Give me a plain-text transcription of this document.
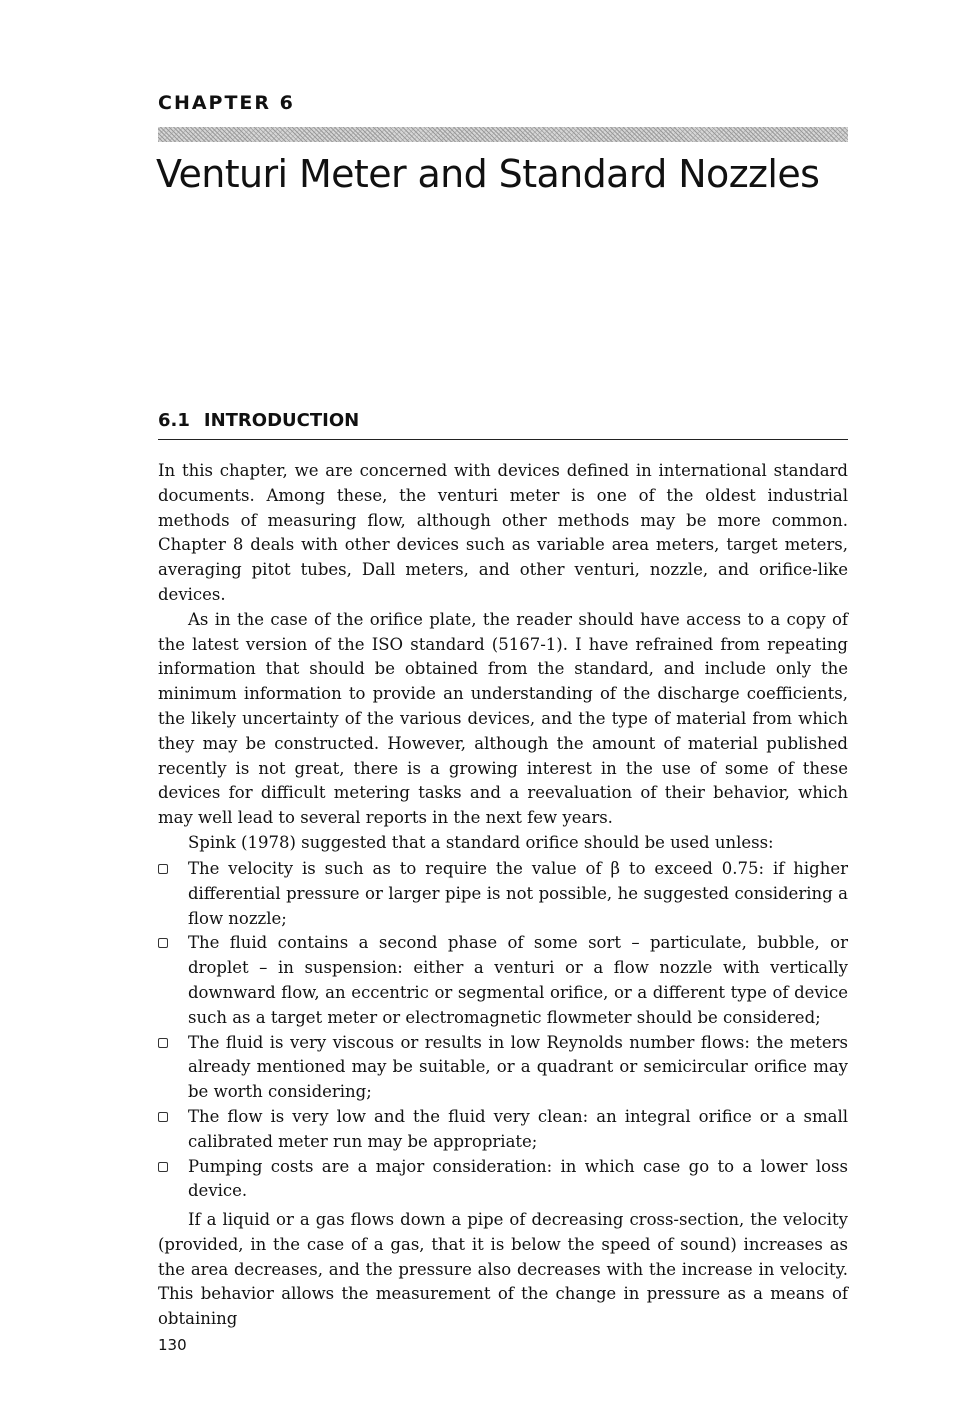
CHAPTER 6
Venturi Meter and Standard Nozzles
6.1 INTRODUCTION

In this chapter, we are concerned with devices defined in international standard documents. Among these, the venturi meter is one of the oldest industrial methods of measuring flow, although other methods may be more common. Chapter 8 deals with other devices such as variable area meters, target meters, averaging pitot tubes, Dall meters, and other venturi, nozzle, and orifice-like devices.

As in the case of the orifice plate, the reader should have access to a copy of the latest version of the ISO standard (5167-1). I have refrained from repeating information that should be obtained from the standard, and include only the minimum information to provide an understanding of the discharge coefficients, the likely uncertainty of the various devices, and the type of material from which they may be constructed. However, although the amount of material published recently is not great, there is a growing interest in the use of some of these devices for difficult metering tasks and a reevaluation of their behavior, which may well lead to several reports in the next few years.

Spink (1978) suggested that a standard orifice should be used unless:

The velocity is such as to require the value of β to exceed 0.75: if higher differential pressure or larger pipe is not possible, he suggested considering a flow nozzle;
The fluid contains a second phase of some sort – particulate, bubble, or droplet – in suspension: either a venturi or a flow nozzle with vertically downward flow, an eccentric or segmental orifice, or a different type of device such as a target meter or electromagnetic flowmeter should be considered;
The fluid is very viscous or results in low Reynolds number flows: the meters already mentioned may be suitable, or a quadrant or semicircular orifice may be worth considering;
The flow is very low and the fluid very clean: an integral orifice or a small calibrated meter run may be appropriate;
Pumping costs are a major consideration: in which case go to a lower loss device.

If a liquid or a gas flows down a pipe of decreasing cross-section, the velocity (provided, in the case of a gas, that it is below the speed of sound) increases as the area decreases, and the pressure also decreases with the increase in velocity. This behavior allows the measurement of the change in pressure as a means of obtaining

130
